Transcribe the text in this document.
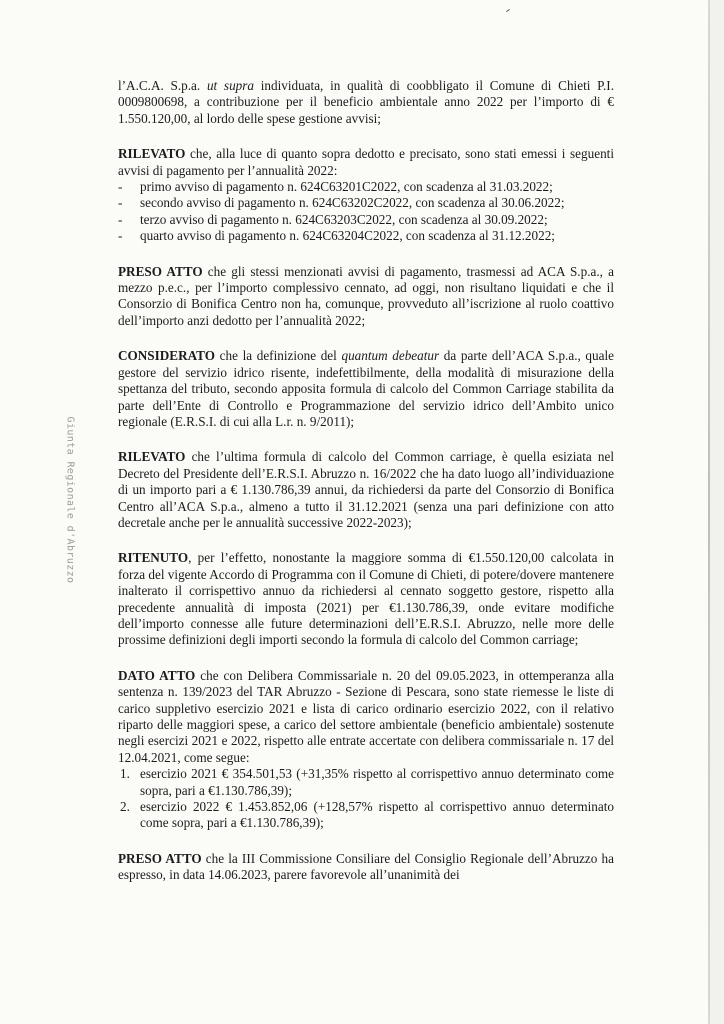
Giunta Regionale d'Abruzzo

l’A.C.A. S.p.a. ut supra individuata, in qualità di coobbligato il Comune di Chieti P.I. 0009800698, a contribuzione per il beneficio ambientale anno 2022 per l’importo di € 1.550.120,00, al lordo delle spese gestione avvisi;

RILEVATO che, alla luce di quanto sopra dedotto e precisato, sono stati emessi i seguenti avvisi di pagamento per l’annualità 2022:
- primo avviso di pagamento n. 624C63201C2022, con scadenza al 31.03.2022;
- secondo avviso di pagamento n. 624C63202C2022, con scadenza al 30.06.2022;
- terzo avviso di pagamento n. 624C63203C2022, con scadenza al 30.09.2022;
- quarto avviso di pagamento n. 624C63204C2022, con scadenza al 31.12.2022;

PRESO ATTO che gli stessi menzionati avvisi di pagamento, trasmessi ad ACA S.p.a., a mezzo p.e.c., per l’importo complessivo cennato, ad oggi, non risultano liquidati e che il Consorzio di Bonifica Centro non ha, comunque, provveduto all’iscrizione al ruolo coattivo dell’importo anzi dedotto per l’annualità 2022;

CONSIDERATO che la definizione del quantum debeatur da parte dell’ACA S.p.a., quale gestore del servizio idrico risente, indefettibilmente, della modalità di misurazione della spettanza del tributo, secondo apposita formula di calcolo del Common Carriage stabilita da parte dell’Ente di Controllo e Programmazione del servizio idrico dell’Ambito unico regionale (E.R.S.I. di cui alla L.r. n. 9/2011);

RILEVATO che l’ultima formula di calcolo del Common carriage, è quella esiziata nel Decreto del Presidente dell’E.R.S.I. Abruzzo n. 16/2022 che ha dato luogo all’individuazione di un importo pari a € 1.130.786,39 annui, da richiedersi da parte del Consorzio di Bonifica Centro all’ACA S.p.a., almeno a tutto il 31.12.2021 (senza una pari definizione con atto decretale anche per le annualità successive 2022-2023);

RITENUTO, per l’effetto, nonostante la maggiore somma di €1.550.120,00 calcolata in forza del vigente Accordo di Programma con il Comune di Chieti, di potere/dovere mantenere inalterato il corrispettivo annuo da richiedersi al cennato soggetto gestore, rispetto alla precedente annualità di imposta (2021) per €1.130.786,39, onde evitare modifiche dell’importo connesse alle future determinazioni dell’E.R.S.I. Abruzzo, nelle more delle prossime definizioni degli importi secondo la formula di calcolo del Common carriage;

DATO ATTO che con Delibera Commissariale n. 20 del 09.05.2023, in ottemperanza alla sentenza n. 139/2023 del TAR Abruzzo - Sezione di Pescara, sono state riemesse le liste di carico suppletivo esercizio 2021 e lista di carico ordinario esercizio 2022, con il relativo riparto delle maggiori spese, a carico del settore ambientale (beneficio ambientale) sostenute negli esercizi 2021 e 2022, rispetto alle entrate accertate con delibera commissariale n. 17 del 12.04.2021, come segue:
1. esercizio 2021 € 354.501,53 (+31,35% rispetto al corrispettivo annuo determinato come sopra, pari a €1.130.786,39);
2. esercizio 2022 € 1.453.852,06 (+128,57% rispetto al corrispettivo annuo determinato come sopra, pari a €1.130.786,39);

PRESO ATTO che la III Commissione Consiliare del Consiglio Regionale dell’Abruzzo ha espresso, in data 14.06.2023, parere favorevole all’unanimità dei
